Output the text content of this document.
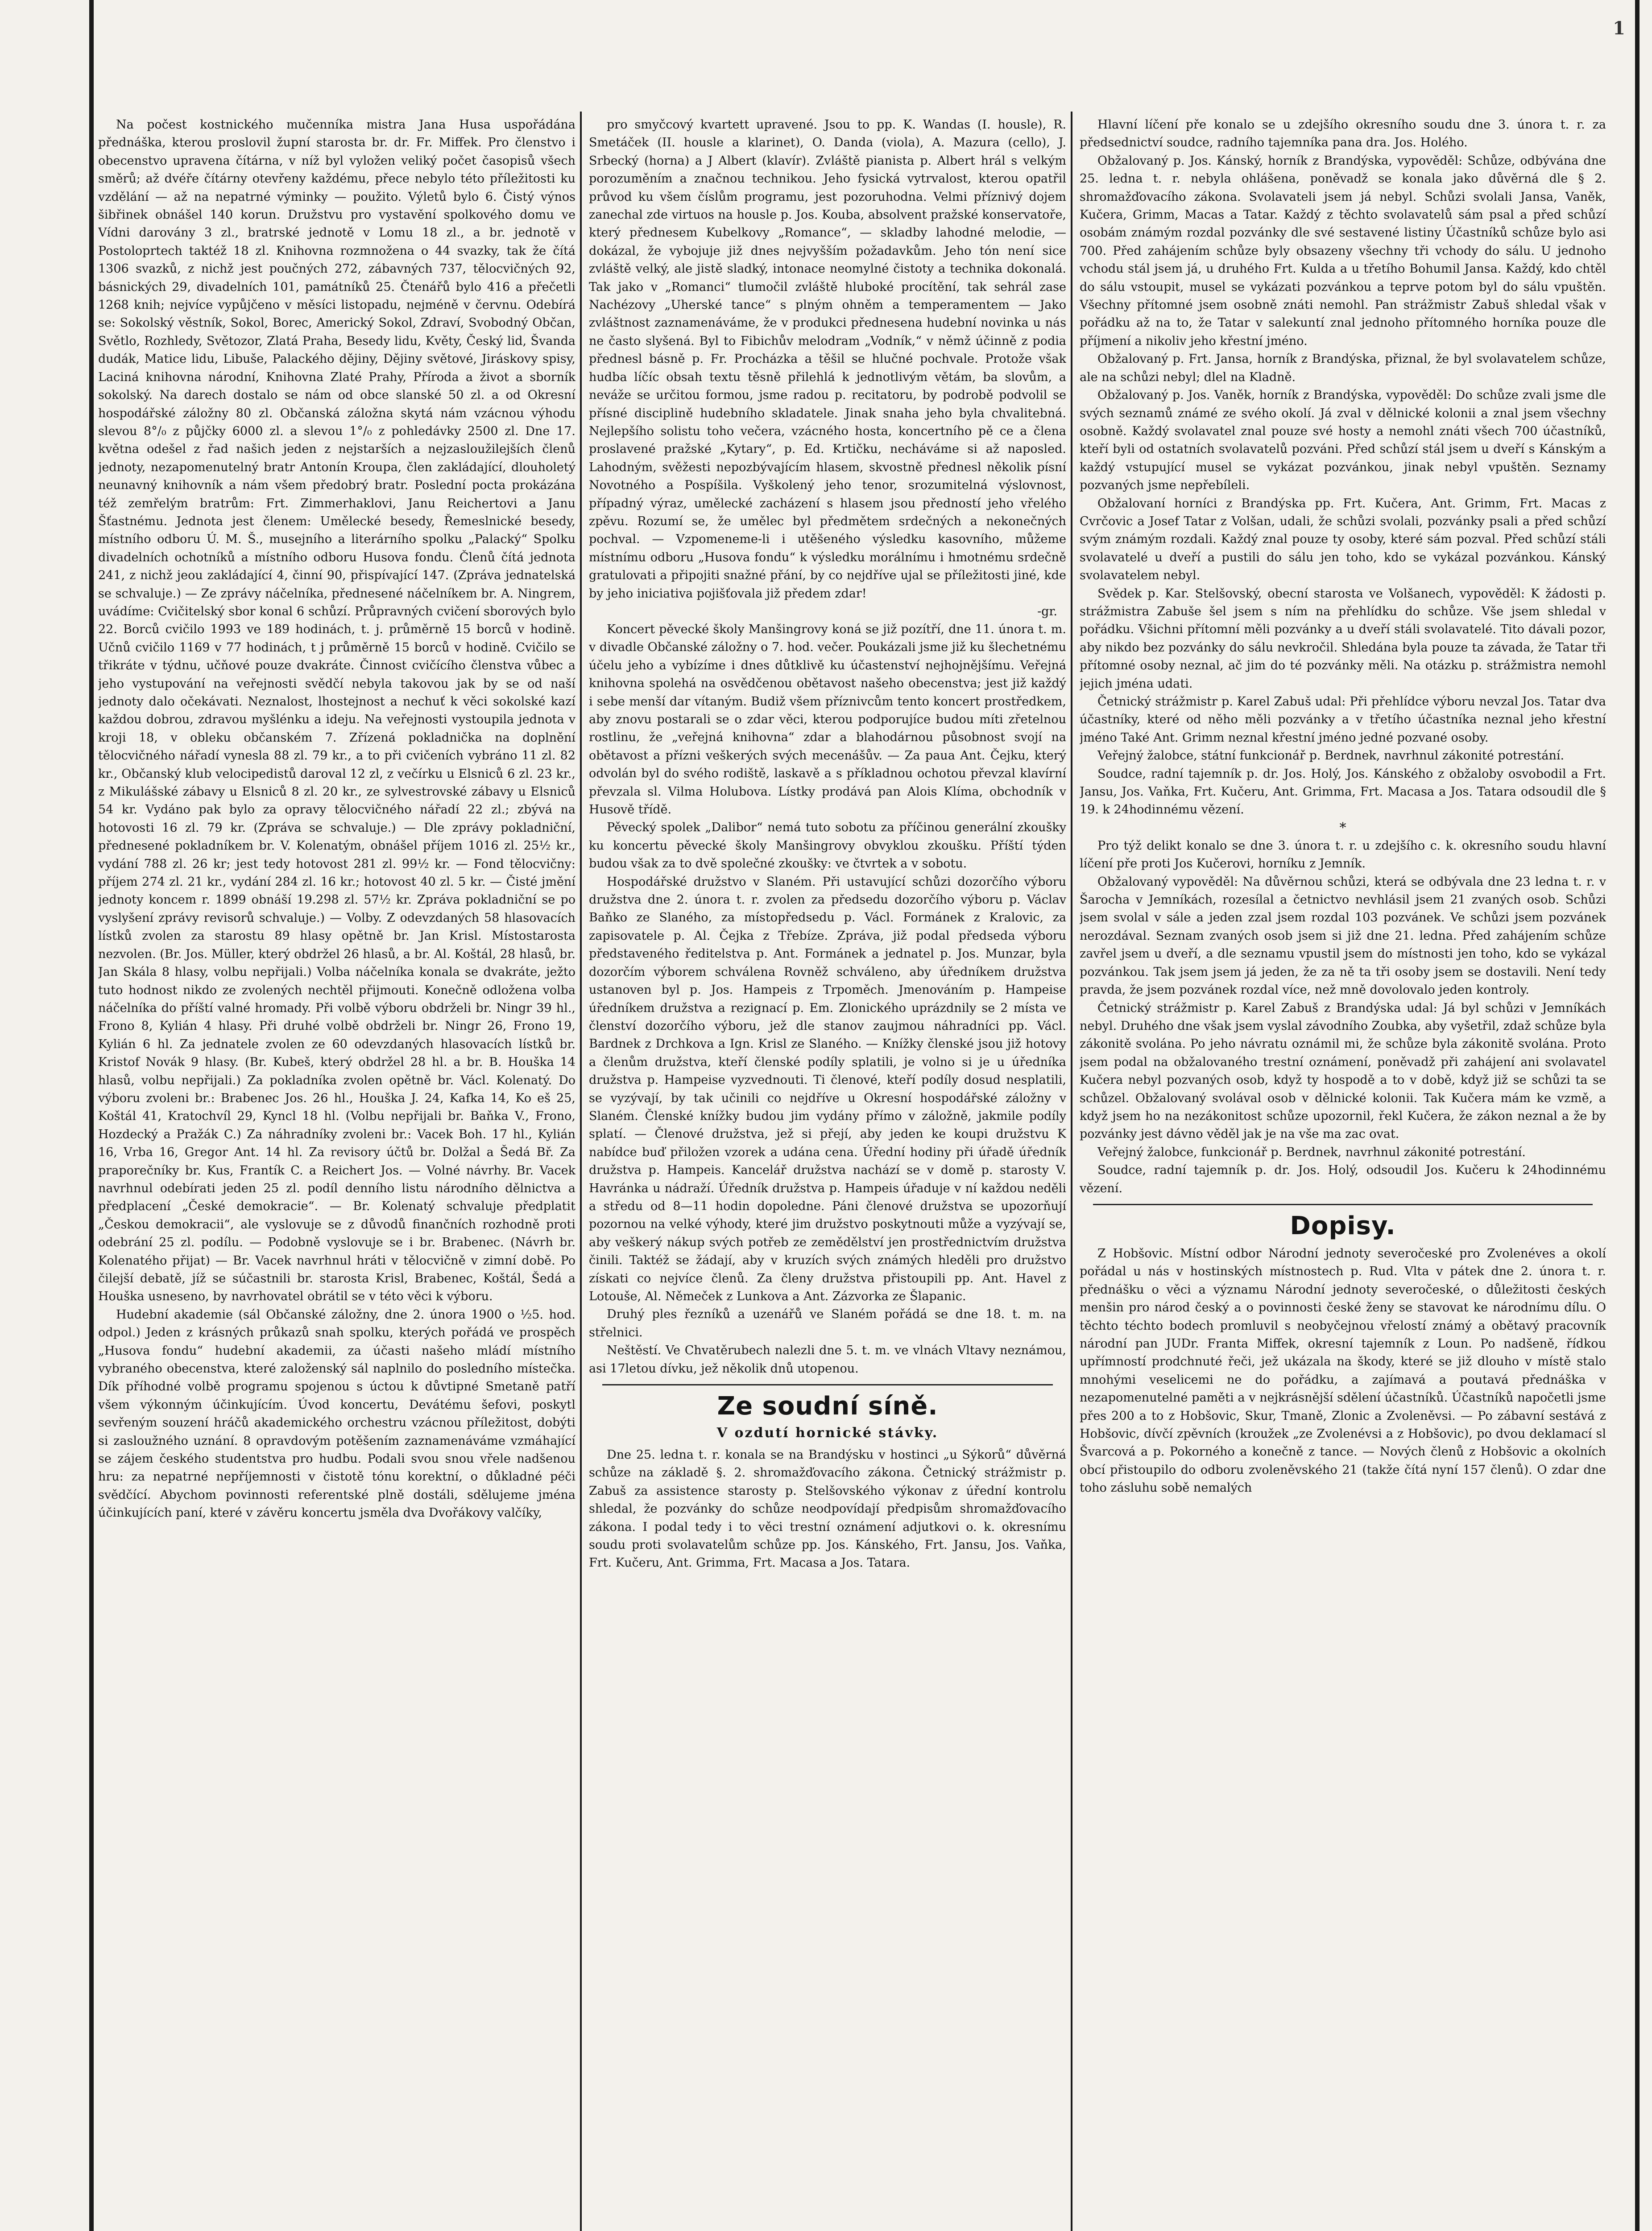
1

Na počest kostnického mučenníka mistra Jana Husa uspořádána přednáška, kterou proslovil župní starosta br. dr. Fr. Miffek. Pro členstvo i obecenstvo upravena čítárna, v níž byl vyložen veliký počet časopisů všech směrů; až dvéře čítárny otevřeny každému, přece nebylo této příležitosti ku vzdělání — až na nepatrné výminky — použito. Výletů bylo 6. Čistý výnos šibřinek obnášel 140 korun. Družstvu pro vystavění spolkového domu ve Vídni darovány 3 zl., bratrské jednotě v Lomu 18 zl., a br. jednotě v Postoloprtech taktéž 18 zl. Knihovna rozmnožena o 44 svazky, tak že čítá 1306 svazků, z nichž jest poučných 272, zábavných 737, tělocvičných 92, básnických 29, divadelních 101, památníků 25. Čtenářů bylo 416 a přečetli 1268 knih; nejvíce vypůjčeno v měsíci listopadu, nejméně v červnu. Odebírá se: Sokolský věstník, Sokol, Borec, Americký Sokol, Zdraví, Svobodný Občan, Světlo, Rozhledy, Světozor, Zlatá Praha, Besedy lidu, Květy, Český lid, Švanda dudák, Matice lidu, Libuše, Palackého dějiny, Dějiny světové, Jiráskovy spisy, Laciná knihovna národní, Knihovna Zlaté Prahy, Příroda a život a sborník sokolský. Na darech dostalo se nám od obce slanské 50 zl. a od Okresní hospodářské záložny 80 zl. Občanská záložna skytá nám vzácnou výhodu slevou 8°/₀ z půjčky 6000 zl. a slevou 1°/₀ z pohledávky 2500 zl. Dne 17. května odešel z řad našich jeden z nejstarších a nejzasloužilejších členů jednoty, nezapomenutelný bratr Antonín Kroupa, člen zakládající, dlouholetý neunavný knihovník a nám všem předobrý bratr. Poslední pocta prokázána též zemřelým bratrům: Frt. Zimmerhaklovi, Janu Reichertovi a Janu Šťastnému. Jednota jest členem: Umělecké besedy, Řemeslnické besedy, místního odboru Ú. M. Š., musejního a literárního spolku „Palacký“ Spolku divadelních ochotníků a místního odboru Husova fondu. Členů čítá jednota 241, z nichž jeou zakládající 4, činní 90, přispívající 147. (Zpráva jednatelská se schvaluje.) — Ze zprávy náčelníka, přednesené náčelníkem br. A. Ningrem, uvádíme: Cvičitelský sbor konal 6 schůzí. Průpravných cvičení sborových bylo 22. Borců cvičilo 1993 ve 189 hodinách, t. j. průměrně 15 borců v hodině. Učnů cvičilo 1169 v 77 hodinách, t j průměrně 15 borců v hodině. Cvičilo se třikráte v týdnu, učňové pouze dvakráte. Činnost cvičícího členstva vůbec a jeho vystupování na veřejnosti svědčí nebyla takovou jak by se od naší jednoty dalo očekávati. Neznalost, lhostejnost a nechuť k věci sokolské kazí každou dobrou, zdravou myšlénku a ideju. Na veřejnosti vystoupila jednota v kroji 18, v obleku občanském 7. Zřízená pokladnička na doplnění tělocvičného nářadí vynesla 88 zl. 79 kr., a to při cvičeních vybráno 11 zl. 82 kr., Občanský klub velocipedistů daroval 12 zl, z večírku u Elsniců 6 zl. 23 kr., z Mikulášské zábavy u Elsniců 8 zl. 20 kr., ze sylvestrovské zábavy u Elsniců 54 kr. Vydáno pak bylo za opravy tělocvičného nářadí 22 zl.; zbývá na hotovosti 16 zl. 79 kr. (Zpráva se schvaluje.) — Dle zprávy pokladniční, přednesené pokladníkem br. V. Kolenatým, obnášel příjem 1016 zl. 25½ kr., vydání 788 zl. 26 kr; jest tedy hotovost 281 zl. 99½ kr. — Fond tělocvičny: příjem 274 zl. 21 kr., vydání 284 zl. 16 kr.; hotovost 40 zl. 5 kr. — Čisté jmění jednoty koncem r. 1899 obnáší 19.298 zl. 57½ kr. Zpráva pokladniční se po vyslyšení zprávy revisorů schvaluje.) — Volby. Z odevzdaných 58 hlasovacích lístků zvolen za starostu 89 hlasy opětně br. Jan Krisl. Místostarosta nezvolen. (Br. Jos. Müller, který obdržel 26 hlasů, a br. Al. Koštál, 28 hlasů, br. Jan Skála 8 hlasy, volbu nepřijali.) Volba náčelníka konala se dvakráte, ježto tuto hodnost nikdo ze zvolených nechtěl přijmouti. Konečně odložena volba náčelníka do příští valné hromady. Při volbě výboru obdrželi br. Ningr 39 hl., Frono 8, Kylián 4 hlasy. Při druhé volbě obdrželi br. Ningr 26, Frono 19, Kylián 6 hl. Za jednatele zvolen ze 60 odevzdaných hlasovacích lístků br. Kristof Novák 9 hlasy. (Br. Kubeš, který obdržel 28 hl. a br. B. Houška 14 hlasů, volbu nepřijali.) Za pokladníka zvolen opětně br. Václ. Kolenatý. Do výboru zvoleni br.: Brabenec Jos. 26 hl., Houška J. 24, Kafka 14, Ko eš 25, Koštál 41, Kratochvíl 29, Kyncl 18 hl. (Volbu nepřijali br. Baňka V., Frono, Hozdecký a Pražák C.) Za náhradníky zvoleni br.: Vacek Boh. 17 hl., Kylián 16, Vrba 16, Gregor Ant. 14 hl. Za revisory účtů br. Dolžal a Šedá Bř. Za praporečníky br. Kus, Frantík C. a Reichert Jos. — Volné návrhy. Br. Vacek navrhnul odebírati jeden 25 zl. podíl denního listu národního dělnictva a předplacení „České demokracie“. — Br. Kolenatý schvaluje předplatit „Českou demokracii“, ale vyslovuje se z důvodů finančních rozhodně proti odebrání 25 zl. podílu. — Podobně vyslovuje se i br. Brabenec. (Návrh br. Kolenatého přijat) — Br. Vacek navrhnul hráti v tělocvičně v zimní době. Po čilejší debatě, jíž se súčastnili br. starosta Krisl, Brabenec, Koštál, Šedá a Houška usneseno, by navrhovatel obrátil se v této věci k výboru.

Hudební akademie (sál Občanské záložny, dne 2. února 1900 o ½5. hod. odpol.) Jeden z krásných průkazů snah spolku, kterých pořádá ve prospěch „Husova fondu“ hudební akademii, za účasti našeho mládí místního vybraného obecenstva, které založenský sál naplnilo do posledního místečka. Dík příhodné volbě programu spojenou s úctou k důvtipné Smetaně patří všem výkonným účinkujícím. Úvod koncertu, Devátému šefovi, poskytl sevřeným souzení hráčů akademického orchestru vzácnou příležitost, dobýti si zasloužného uznání. 8 opravdovým potěšením zaznamenáváme vzmáhající se zájem českého studentstva pro hudbu. Podali svou snou vřele nadšenou hru: za nepatrné nepříjemnosti v čistotě tónu korektní, o důkladné péči svědčící. Abychom povinnosti referentské plně dostáli, sdělujeme jména účinkujících paní, které v závěru koncertu jsměla dva Dvořákovy valčíky,

pro smyčcový kvartett upravené. Jsou to pp. K. Wandas (I. housle), R. Smetáček (II. housle a klarinet), O. Danda (viola), A. Mazura (cello), J. Srbecký (horna) a J Albert (klavír). Zvláště pianista p. Albert hrál s velkým porozuměním a značnou technikou. Jeho fysická vytrvalost, kterou opatřil průvod ku všem číslům programu, jest pozoruhodna. Velmi příznivý dojem zanechal zde virtuos na housle p. Jos. Kouba, absolvent pražské konservatoře, který přednesem Kubelkovy „Romance“, — skladby lahodné melodie, — dokázal, že vybojuje již dnes nejvyšším požadavkům. Jeho tón není sice zvláště velký, ale jistě sladký, intonace neomylné čistoty a technika dokonalá. Tak jako v „Romanci“ tlumočil zvláště hluboké procítění, tak sehrál zase Nachézovy „Uherské tance“ s plným ohněm a temperamentem — Jako zvláštnost zaznamenáváme, že v produkci přednesena hudební novinka u nás ne často slyšená. Byl to Fibichův melodram „Vodník,“ v němž účinně z podia přednesl básně p. Fr. Procházka a těšil se hlučné pochvale. Protože však hudba líčíc obsah textu těsně přilehlá k jednotlivým větám, ba slovům, a neváže se určitou formou, jsme radou p. recitatoru, by podrobě podvolil se přísné disciplině hudebního skladatele. Jinak snaha jeho byla chvalitebná. Nejlepšího solistu toho večera, vzácného hosta, koncertního pě ce a člena proslavené pražské „Kytary“, p. Ed. Krtičku, necháváme si až naposled. Lahodným, svěžesti nepozbývajícím hlasem, skvostně přednesl několik písní Novotného a Pospíšila. Vyškolený jeho tenor, srozumitelná výslovnost, případný výraz, umělecké zacházení s hlasem jsou předností jeho vřelého zpěvu. Rozumí se, že umělec byl předmětem srdečných a nekonečných pochval. — Vzpomeneme-li i utěšeného výsledku kasovního, můžeme místnímu odboru „Husova fondu“ k výsledku morálnímu i hmotnému srdečně gratulovati a připojiti snažné přání, by co nejdříve ujal se příležitosti jiné, kde by jeho iniciativa pojišťovala již předem zdar!

-gr.

Koncert pěvecké školy Manšingrovy koná se již pozítří, dne 11. února t. m. v divadle Občanské záložny o 7. hod. večer. Poukázali jsme již ku šlechetnému účelu jeho a vybízíme i dnes důtklivě ku účastenství nejhojnějšímu. Veřejná knihovna spolehá na osvědčenou obětavost našeho obecenstva; jest již každý i sebe menší dar vítaným. Budiž všem příznivcům tento koncert prostředkem, aby znovu postarali se o zdar věci, kterou podporujíce budou míti zřetelnou rostlinu, že „veřejná knihovna“ zdar a blahodárnou působnost svojí na obětavost a přízni veškerých svých mecenášův. — Za paua Ant. Čejku, který odvolán byl do svého rodiště, laskavě a s příkladnou ochotou převzal klavírní převzala sl. Vilma Holubova. Lístky prodává pan Alois Klíma, obchodník v Husově třídě.

Pěvecký spolek „Dalibor“ nemá tuto sobotu za příčinou generální zkoušky ku koncertu pěvecké školy Manšingrovy obvyklou zkoušku. Příští týden budou však za to dvě společné zkoušky: ve čtvrtek a v sobotu.

Hospodářské družstvo v Slaném. Při ustavující schůzi dozorčího výboru družstva dne 2. února t. r. zvolen za předsedu dozorčího výboru p. Václav Baňko ze Slaného, za místopředsedu p. Václ. Formánek z Kralovic, za zapisovatele p. Al. Čejka z Třebíze. Zpráva, již podal předseda výboru představeného ředitelstva p. Ant. Formánek a jednatel p. Jos. Munzar, byla dozorčím výborem schválena Rovněž schváleno, aby úředníkem družstva ustanoven byl p. Jos. Hampeis z Trpoměch. Jmenováním p. Hampeise úředníkem družstva a rezignací p. Em. Zlonického uprázdnily se 2 místa ve členství dozorčího výboru, jež dle stanov zaujmou náhradníci pp. Václ. Bardnek z Drchkova a Ign. Krisl ze Slaného. — Knížky členské jsou již hotovy a členům družstva, kteří členské podíly splatili, je volno si je u úředníka družstva p. Hampeise vyzvednouti. Ti členové, kteří podíly dosud nesplatili, se vyzývají, by tak učinili co nejdříve u Okresní hospodářské záložny v Slaném. Členské knížky budou jim vydány přímo v záložně, jakmile podíly splatí. — Členové družstva, jež si přejí, aby jeden ke koupi družstvu K nabídce buď přiložen vzorek a udána cena. Úřední hodiny při úřadě úředník družstva p. Hampeis. Kancelář družstva nachází se v domě p. starosty V. Havránka u nádraží. Úředník družstva p. Hampeis úřaduje v ní každou neděli a středu od 8—11 hodin dopoledne. Páni členové družstva se upozorňují pozornou na velké výhody, které jim družstvo poskytnouti může a vyzývají se, aby veškerý nákup svých potřeb ze zemědělství jen prostřednictvím družstva činili. Taktéž se žádají, aby v kruzích svých známých hleděli pro družstvo získati co nejvíce členů. Za členy družstva přistoupili pp. Ant. Havel z Lotouše, Al. Němeček z Lunkova a Ant. Zázvorka ze Šlapanic.

Druhý ples řezníků a uzenářů ve Slaném pořádá se dne 18. t. m. na střelnici.

Neštěstí. Ve Chvatěrubech nalezli dne 5. t. m. ve vlnách Vltavy neznámou, asi 17letou dívku, jež několik dnů utopenou.

Ze soudní síně.
V ozdutí hornické stávky.

Dne 25. ledna t. r. konala se na Brandýsku v hostinci „u Sýkorů“ důvěrná schůze na základě §. 2. shromažďovacího zákona. Četnický strážmistr p. Zabuš za assistence starosty p. Stelšovského výkonav z úřední kontrolu shledal, že pozvánky do schůze neodpovídají předpisům shromažďovacího zákona. I podal tedy i to věci trestní oznámení adjutkovi o. k. okresnímu soudu proti svolavatelům schůze pp. Jos. Kánského, Frt. Jansu, Jos. Vaňka, Frt. Kučeru, Ant. Grimma, Frt. Macasa a Jos. Tatara.

Hlavní líčení pře konalo se u zdejšího okresního soudu dne 3. února t. r. za předsednictví soudce, radního tajemníka pana dra. Jos. Holého.

Obžalovaný p. Jos. Kánský, horník z Brandýska, vypověděl: Schůze, odbývána dne 25. ledna t. r. nebyla ohlášena, poněvadž se konala jako důvěrná dle § 2. shromažďovacího zákona. Svolavateli jsem já nebyl. Schůzi svolali Jansa, Vaněk, Kučera, Grimm, Macas a Tatar. Každý z těchto svolavatelů sám psal a před schůzí osobám známým rozdal pozvánky dle své sestavené listiny Účastníků schůze bylo asi 700. Před zahájením schůze byly obsazeny všechny tři vchody do sálu. U jednoho vchodu stál jsem já, u druhého Frt. Kulda a u třetího Bohumil Jansa. Každý, kdo chtěl do sálu vstoupit, musel se vykázati pozvánkou a teprve potom byl do sálu vpuštěn. Všechny přítomné jsem osobně znáti nemohl. Pan strážmistr Zabuš shledal však v pořádku až na to, že Tatar v salekuntí znal jednoho přítomného horníka pouze dle příjmení a nikoliv jeho křestní jméno.

Obžalovaný p. Frt. Jansa, horník z Brandýska, přiznal, že byl svolavatelem schůze, ale na schůzi nebyl; dlel na Kladně.

Obžalovaný p. Jos. Vaněk, horník z Brandýska, vypověděl: Do schůze zvali jsme dle svých seznamů známé ze svého okolí. Já zval v dělnické kolonii a znal jsem všechny osobně. Každý svolavatel znal pouze své hosty a nemohl znáti všech 700 účastníků, kteří byli od ostatních svolavatelů pozváni. Před schůzí stál jsem u dveří s Kánským a každý vstupující musel se vykázat pozvánkou, jinak nebyl vpuštěn. Seznamy pozvaných jsme nepřebíleli.

Obžalovaní horníci z Brandýska pp. Frt. Kučera, Ant. Grimm, Frt. Macas z Cvrčovic a Josef Tatar z Volšan, udali, že schůzi svolali, pozvánky psali a před schůzí svým známým rozdali. Každý znal pouze ty osoby, které sám pozval. Před schůzí stáli svolavatelé u dveří a pustili do sálu jen toho, kdo se vykázal pozvánkou. Kánský svolavatelem nebyl.

Svědek p. Kar. Stelšovský, obecní starosta ve Volšanech, vypověděl: K žádosti p. strážmistra Zabuše šel jsem s ním na přehlídku do schůze. Vše jsem shledal v pořádku. Všichni přítomní měli pozvánky a u dveří stáli svolavatelé. Tito dávali pozor, aby nikdo bez pozvánky do sálu nevkročil. Shledána byla pouze ta závada, že Tatar tři přítomné osoby neznal, ač jim do té pozvánky měli. Na otázku p. strážmistra nemohl jejich jména udati.

Četnický strážmistr p. Karel Zabuš udal: Při přehlídce výboru nevzal Jos. Tatar dva účastníky, které od něho měli pozvánky a v třetího účastníka neznal jeho křestní jméno Také Ant. Grimm neznal křestní jméno jedné pozvané osoby.

Veřejný žalobce, státní funkcionář p. Berdnek, navrhnul zákonité potrestání.

Soudce, radní tajemník p. dr. Jos. Holý, Jos. Kánského z obžaloby osvobodil a Frt. Jansu, Jos. Vaňka, Frt. Kučeru, Ant. Grimma, Frt. Macasa a Jos. Tatara odsoudil dle § 19. k 24hodinnému vězení.

*

Pro týž delikt konalo se dne 3. února t. r. u zdejšího c. k. okresního soudu hlavní líčení pře proti Jos Kučerovi, horníku z Jemník.

Obžalovaný vypověděl: Na důvěrnou schůzi, která se odbývala dne 23 ledna t. r. v Šarocha v Jemníkách, rozesílal a četnictvo nevhlásil jsem 21 zvaných osob. Schůzi jsem svolal v sále a jeden zzal jsem rozdal 103 pozvánek. Ve schůzi jsem pozvánek nerozdával. Seznam zvaných osob jsem si již dne 21. ledna. Před zahájením schůze zavřel jsem u dveří, a dle seznamu vpustil jsem do místnosti jen toho, kdo se vykázal pozvánkou. Tak jsem jsem já jeden, že za ně ta tři osoby jsem se dostavili. Není tedy pravda, že jsem pozvánek rozdal více, než mně dovolovalo jeden kontroly.

Četnický strážmistr p. Karel Zabuš z Brandýska udal: Já byl schůzi v Jemníkách nebyl. Druhého dne však jsem vyslal závodního Zoubka, aby vyšetřil, zdaž schůze byla zákonitě svolána. Po jeho návratu oznámil mi, že schůze byla zákonitě svolána. Proto jsem podal na obžalovaného trestní oznámení, poněvadž při zahájení ani svolavatel Kučera nebyl pozvaných osob, když ty hospodě a to v době, když již se schůzi ta se schůzel. Obžalovaný svolával osob v dělnické kolonii. Tak Kučera mám ke vzmě, a když jsem ho na nezákonitost schůze upozornil, řekl Kučera, že zákon neznal a že by pozvánky jest dávno věděl jak je na vše ma zac ovat.

Veřejný žalobce, funkcionář p. Berdnek, navrhnul zákonité potrestání.

Soudce, radní tajemník p. dr. Jos. Holý, odsoudil Jos. Kučeru k 24hodinnému vězení.

Dopisy.

Z Hobšovic. Místní odbor Národní jednoty severočeské pro Zvolenéves a okolí pořádal u nás v hostinských místnostech p. Rud. Vlta v pátek dne 2. února t. r. přednášku o věci a významu Národní jednoty severočeské, o důležitosti českých menšin pro národ český a o povinnosti české ženy se stavovat ke národnímu dílu. O těchto téchto bodech promluvil s neobyčejnou vřelostí známý a obětavý pracovník národní pan JUDr. Franta Miffek, okresní tajemník z Loun. Po nadšeně, řídkou upřímností prodchnuté řeči, jež ukázala na škody, které se již dlouho v místě stalo mnohými veselicemi ne do pořádku, a zajímavá a poutavá přednáška v nezapomenutelné paměti a v nejkrásnější sdělení účastníků. Účastníků napočetli jsme přes 200 a to z Hobšovic, Skur, Tmaně, Zlonic a Zvoleněvsi. — Po zábavní sestává z Hobšovic, dívčí zpěvních (kroužek „ze Zvolenévsi a z Hobšovic), po dvou deklamací sl Švarcová a p. Pokorného a konečně z tance. — Nových členů z Hobšovic a okolních obcí přistoupilo do odboru zvoleněvského 21 (takže čítá nyní 157 členů). O zdar dne toho zásluhu sobě nemalých
